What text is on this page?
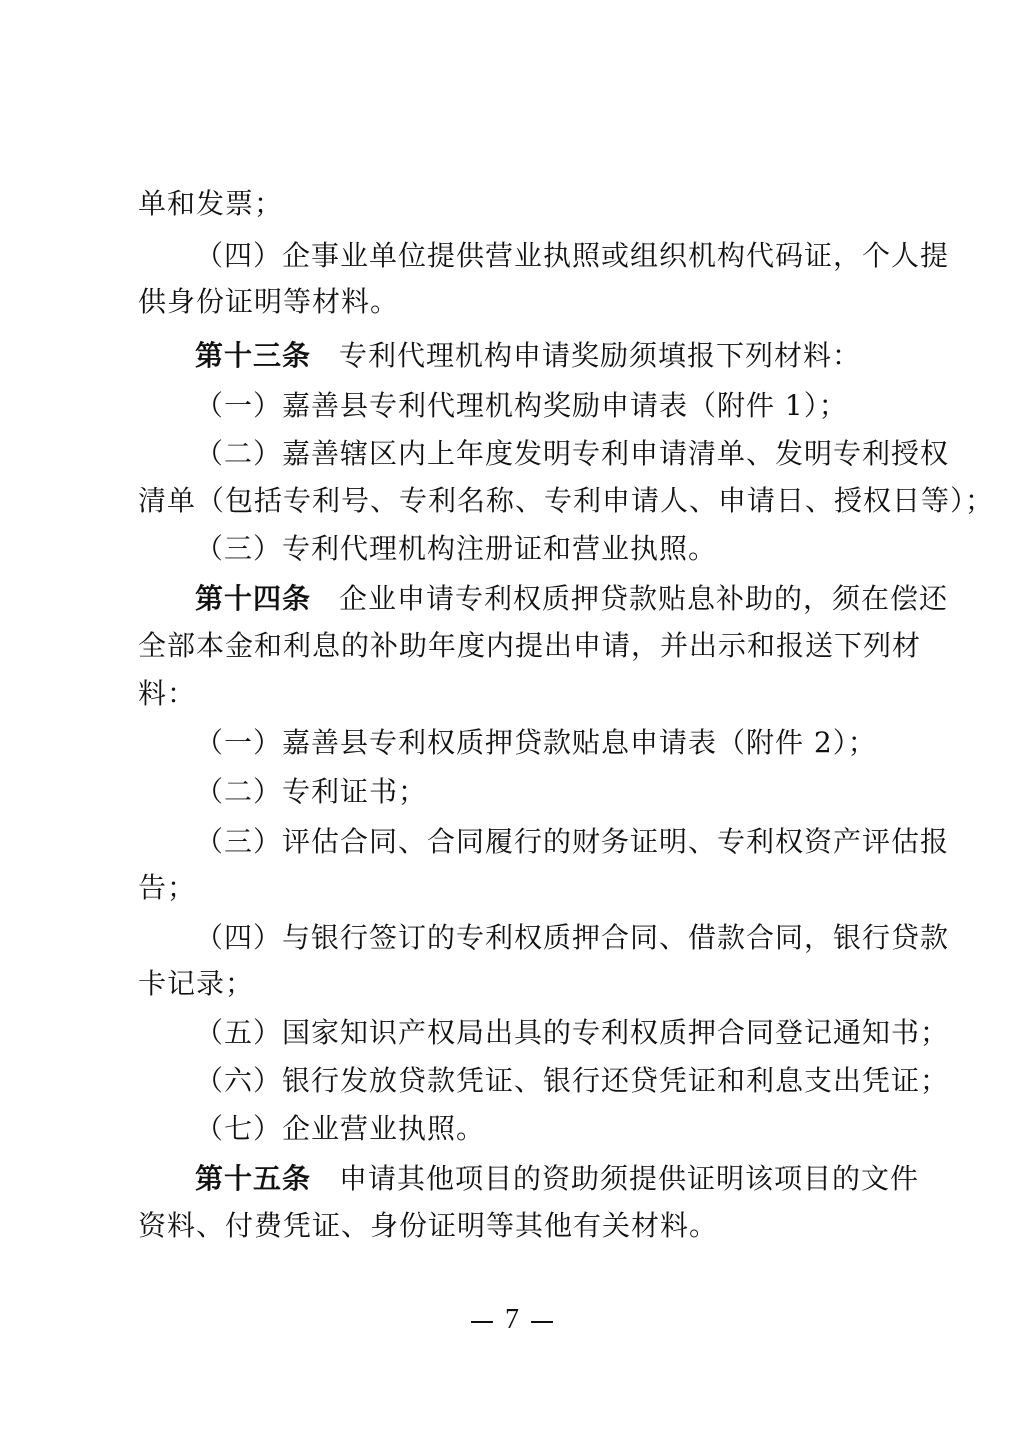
单和发票；
（四）企事业单位提供营业执照或组织机构代码证，个人提
供身份证明等材料。
第十三条 专利代理机构申请奖励须填报下列材料：
（一）嘉善县专利代理机构奖励申请表（附件 1）；
（二）嘉善辖区内上年度发明专利申请清单、发明专利授权
清单（包括专利号、专利名称、专利申请人、申请日、授权日等）；
（三）专利代理机构注册证和营业执照。
第十四条 企业申请专利权质押贷款贴息补助的，须在偿还
全部本金和利息的补助年度内提出申请，并出示和报送下列材
料：
（一）嘉善县专利权质押贷款贴息申请表（附件 2）；
（二）专利证书；
（三）评估合同、合同履行的财务证明、专利权资产评估报
告；
（四）与银行签订的专利权质押合同、借款合同，银行贷款
卡记录；
（五）国家知识产权局出具的专利权质押合同登记通知书；
（六）银行发放贷款凭证、银行还贷凭证和利息支出凭证；
（七）企业营业执照。
第十五条 申请其他项目的资助须提供证明该项目的文件
资料、付费凭证、身份证明等其他有关材料。
7
